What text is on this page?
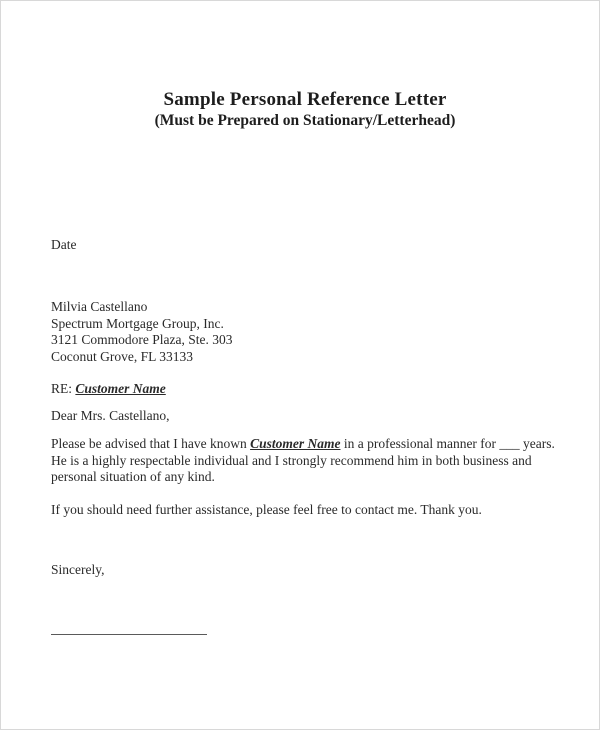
Sample Personal Reference Letter
(Must be Prepared on Stationary/Letterhead)
Date
Milvia Castellano
Spectrum Mortgage Group, Inc.
3121 Commodore Plaza, Ste. 303
Coconut Grove, FL 33133
RE: Customer Name
Dear Mrs. Castellano,
Please be advised that I have known Customer Name in a professional manner for ___ years. He is a highly respectable individual and I strongly recommend him in both business and personal situation of any kind.
If you should need further assistance, please feel free to contact me. Thank you.
Sincerely,
